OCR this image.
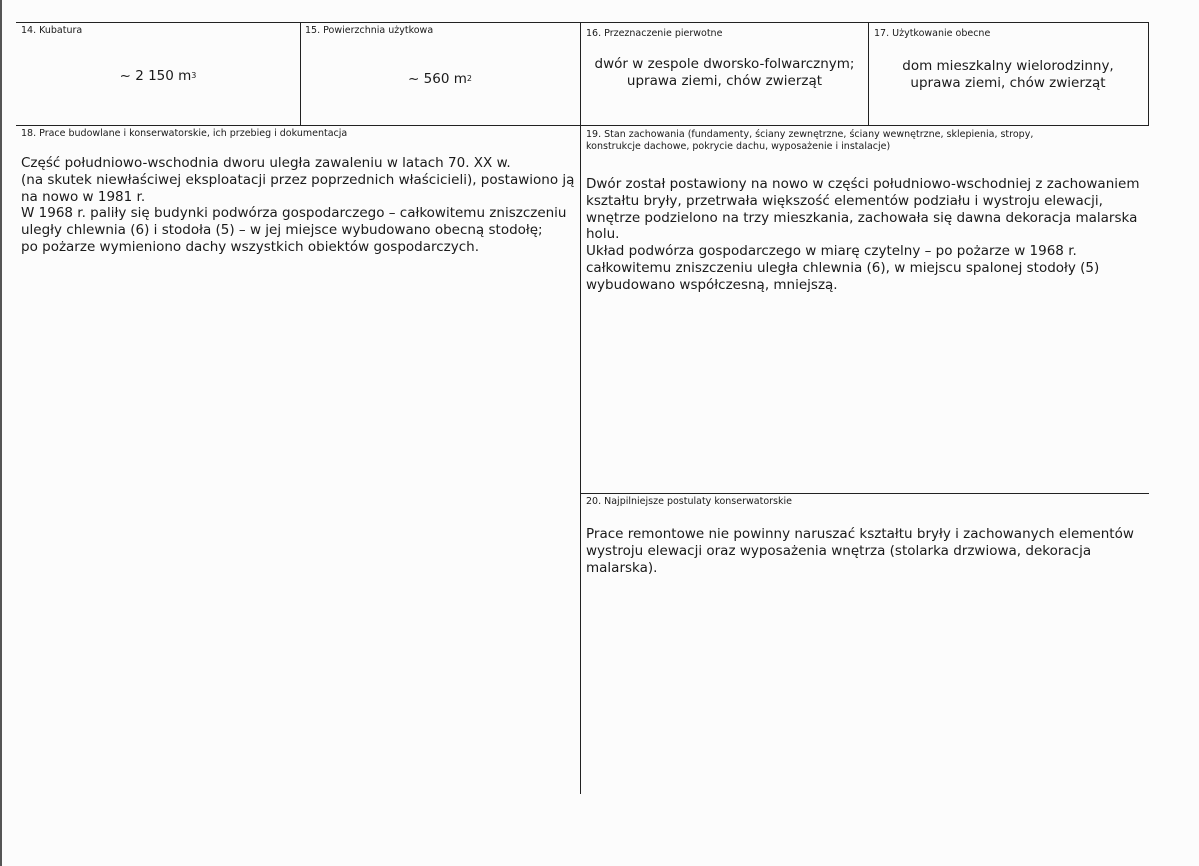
14. Kubatura
~ 2 150 $m^3$
15. Powierzchnia użytkowa
~ 560 $m^2$
16. Przeznaczenie pierwotne
dwór w zespole dworsko-folwarcznym;
uprawa ziemi, chów zwierząt
17. Użytkowanie obecne
dom mieszkalny wielorodzinny,
uprawa ziemi, chów zwierząt
18. Prace budowlane i konserwatorskie, ich przebieg i dokumentacja

Część południowo-wschodnia dworu uległa zawaleniu w latach 70. XX w.

(na skutek niewłaściwej eksploatacji przez poprzednich właścicieli), postawiono ją

na nowo w 1981 r.

W 1968 r. paliły się budynki podwórza gospodarczego – całkowitemu zniszczeniu

uległy chlewnia (6) i stodoła (5) – w jej miejsce wybudowano obecną stodołę;

po pożarze wymieniono dachy wszystkich obiektów gospodarczych.

19. Stan zachowania (fundamenty, ściany zewnętrzne, ściany wewnętrzne, sklepienia, stropy,
konstrukcje dachowe, pokrycie dachu, wyposażenie i instalacje)

Dwór został postawiony na nowo w części południowo-wschodniej z zachowaniem

kształtu bryły, przetrwała większość elementów podziału i wystroju elewacji,

wnętrze podzielono na trzy mieszkania, zachowała się dawna dekoracja malarska

holu.

Układ podwórza gospodarczego w miarę czytelny – po pożarze w 1968 r.

całkowitemu zniszczeniu uległa chlewnia (6), w miejscu spalonej stodoły (5)

wybudowano współczesną, mniejszą.

20. Najpilniejsze postulaty konserwatorskie

Prace remontowe nie powinny naruszać kształtu bryły i zachowanych elementów

wystroju elewacji oraz wyposażenia wnętrza (stolarka drzwiowa, dekoracja

malarska).
